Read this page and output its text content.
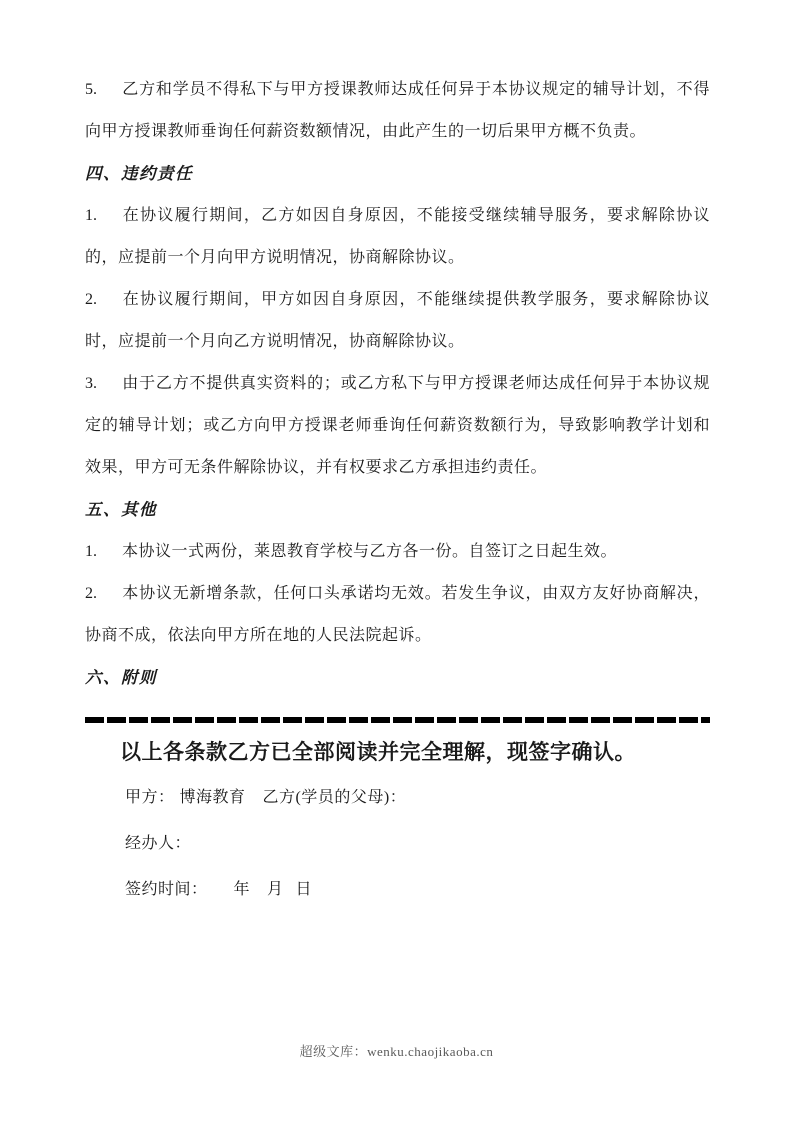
5. 乙方和学员不得私下与甲方授课教师达成任何异于本协议规定的辅导计划，不得向甲方授课教师垂询任何薪资数额情况，由此产生的一切后果甲方概不负责。

四、违约责任

1. 在协议履行期间，乙方如因自身原因，不能接受继续辅导服务，要求解除协议的，应提前一个月向甲方说明情况，协商解除协议。

2. 在协议履行期间，甲方如因自身原因，不能继续提供教学服务，要求解除协议时，应提前一个月向乙方说明情况，协商解除协议。

3. 由于乙方不提供真实资料的；或乙方私下与甲方授课老师达成任何异于本协议规定的辅导计划；或乙方向甲方授课老师垂询任何薪资数额行为，导致影响教学计划和效果，甲方可无条件解除协议，并有权要求乙方承担违约责任。

五、其他

1. 本协议一式两份，莱恩教育学校与乙方各一份。自签订之日起生效。

2. 本协议无新增条款，任何口头承诺均无效。若发生争议，由双方友好协商解决，协商不成，依法向甲方所在地的人民法院起诉。

六、附则

以上各条款乙方已全部阅读并完全理解，现签字确认。

甲方： 博海教育 乙方(学员的父母)：

经办人：

签约时间： 年 月 日

超级文库：wenku.chaojikaoba.cn
